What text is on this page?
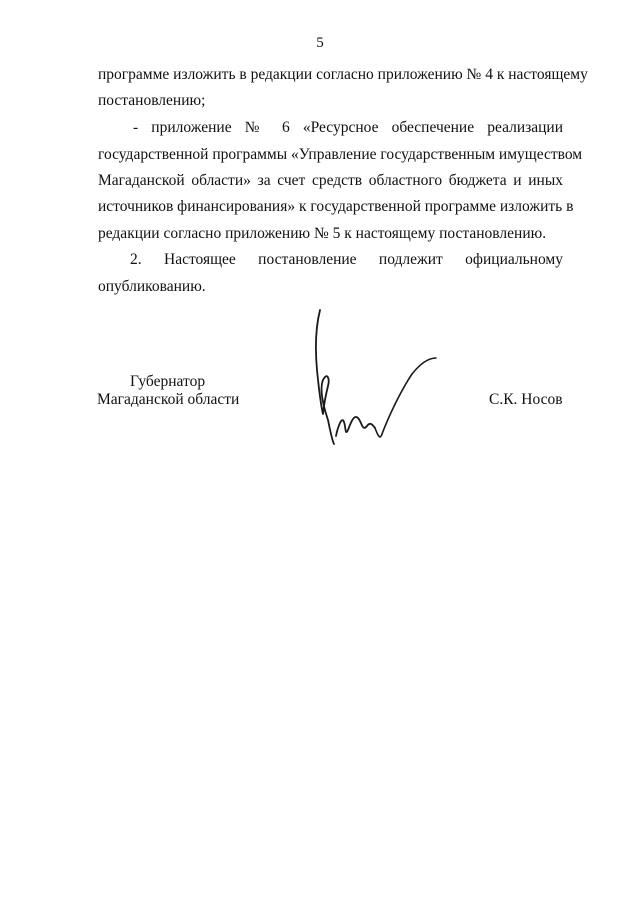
5
программе изложить в редакции согласно приложению № 4 к настоящему
постановлению;
- приложение № 6 «Ресурсное обеспечение реализации
государственной программы «Управление государственным имуществом
Магаданской области» за счет средств областного бюджета и иных
источников финансирования» к государственной программе изложить в
редакции согласно приложению № 5 к настоящему постановлению.
2. Настоящее постановление подлежит официальному
опубликованию.
Губернатор
Магаданской области	С.К. Носов
